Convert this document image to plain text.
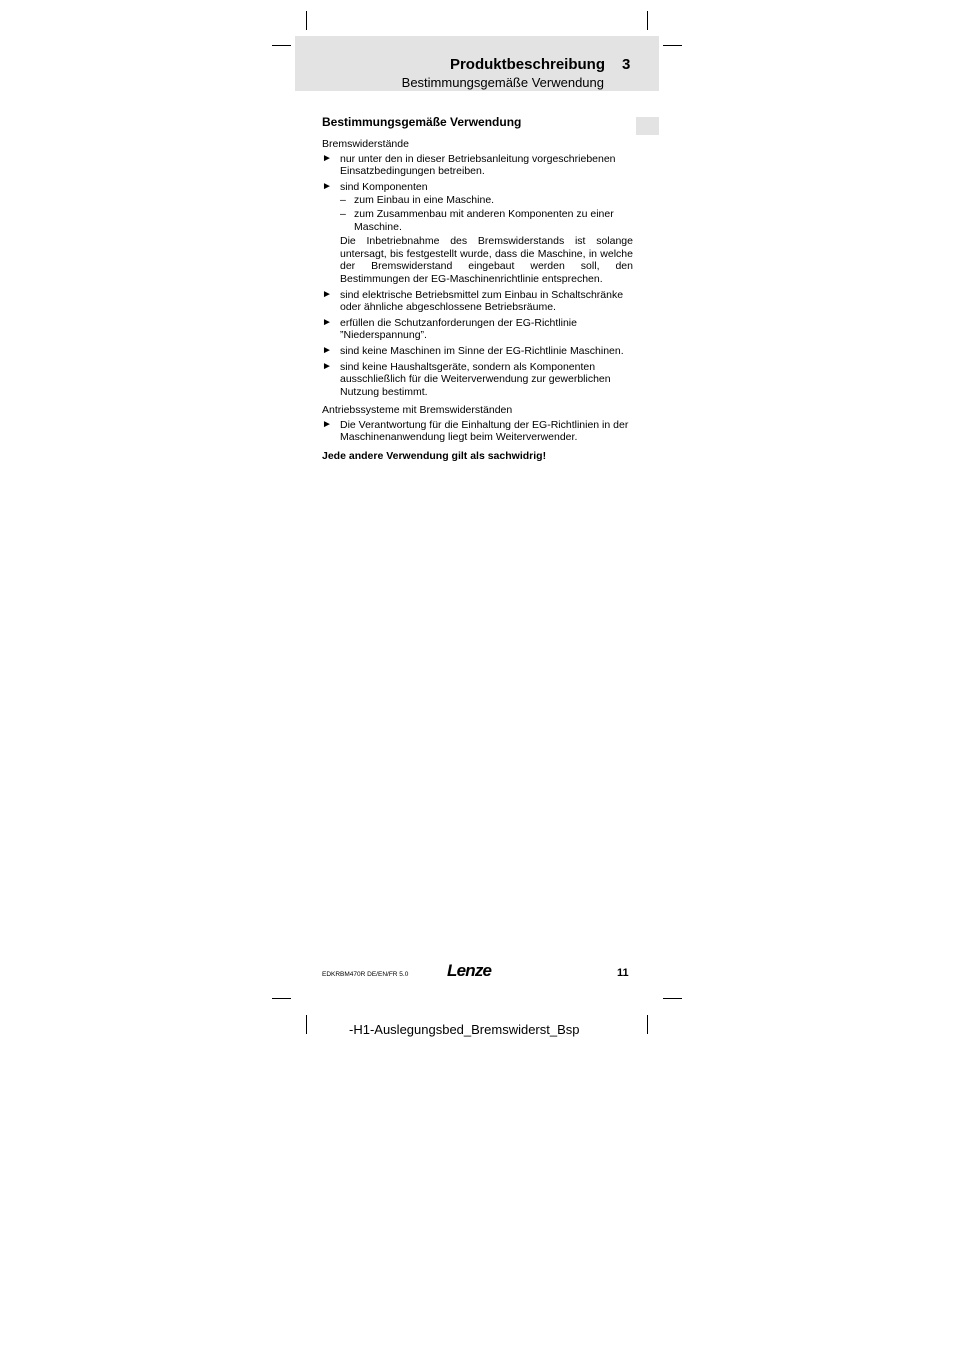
Produktbeschreibung 3
Bestimmungsgemäße Verwendung
Bestimmungsgemäße Verwendung
Bremswiderstände
► nur unter den in dieser Betriebsanleitung vorgeschriebenen Einsatzbedingungen betreiben.
► sind Komponenten
– zum Einbau in eine Maschine.
– zum Zusammenbau mit anderen Komponenten zu einer Maschine.
Die Inbetriebnahme des Bremswiderstands ist solange untersagt, bis festgestellt wurde, dass die Maschine, in welche der Bremswiderstand eingebaut werden soll, den Bestimmungen der EG-Maschinenrichtlinie entsprechen.
► sind elektrische Betriebsmittel zum Einbau in Schaltschränke oder ähnliche abgeschlossene Betriebsräume.
► erfüllen die Schutzanforderungen der EG-Richtlinie ”Niederspannung”.
► sind keine Maschinen im Sinne der EG-Richtlinie Maschinen.
► sind keine Haushaltsgeräte, sondern als Komponenten ausschließlich für die Weiterverwendung zur gewerblichen Nutzung bestimmt.
Antriebssysteme mit Bremswiderständen
► Die Verantwortung für die Einhaltung der EG-Richtlinien in der Maschinenanwendung liegt beim Weiterverwender.
Jede andere Verwendung gilt als sachwidrig!
EDKRBM470R DE/EN/FR 5.0 Lenze	11
-H1-Auslegungsbed_Bremswiderst_Bsp
